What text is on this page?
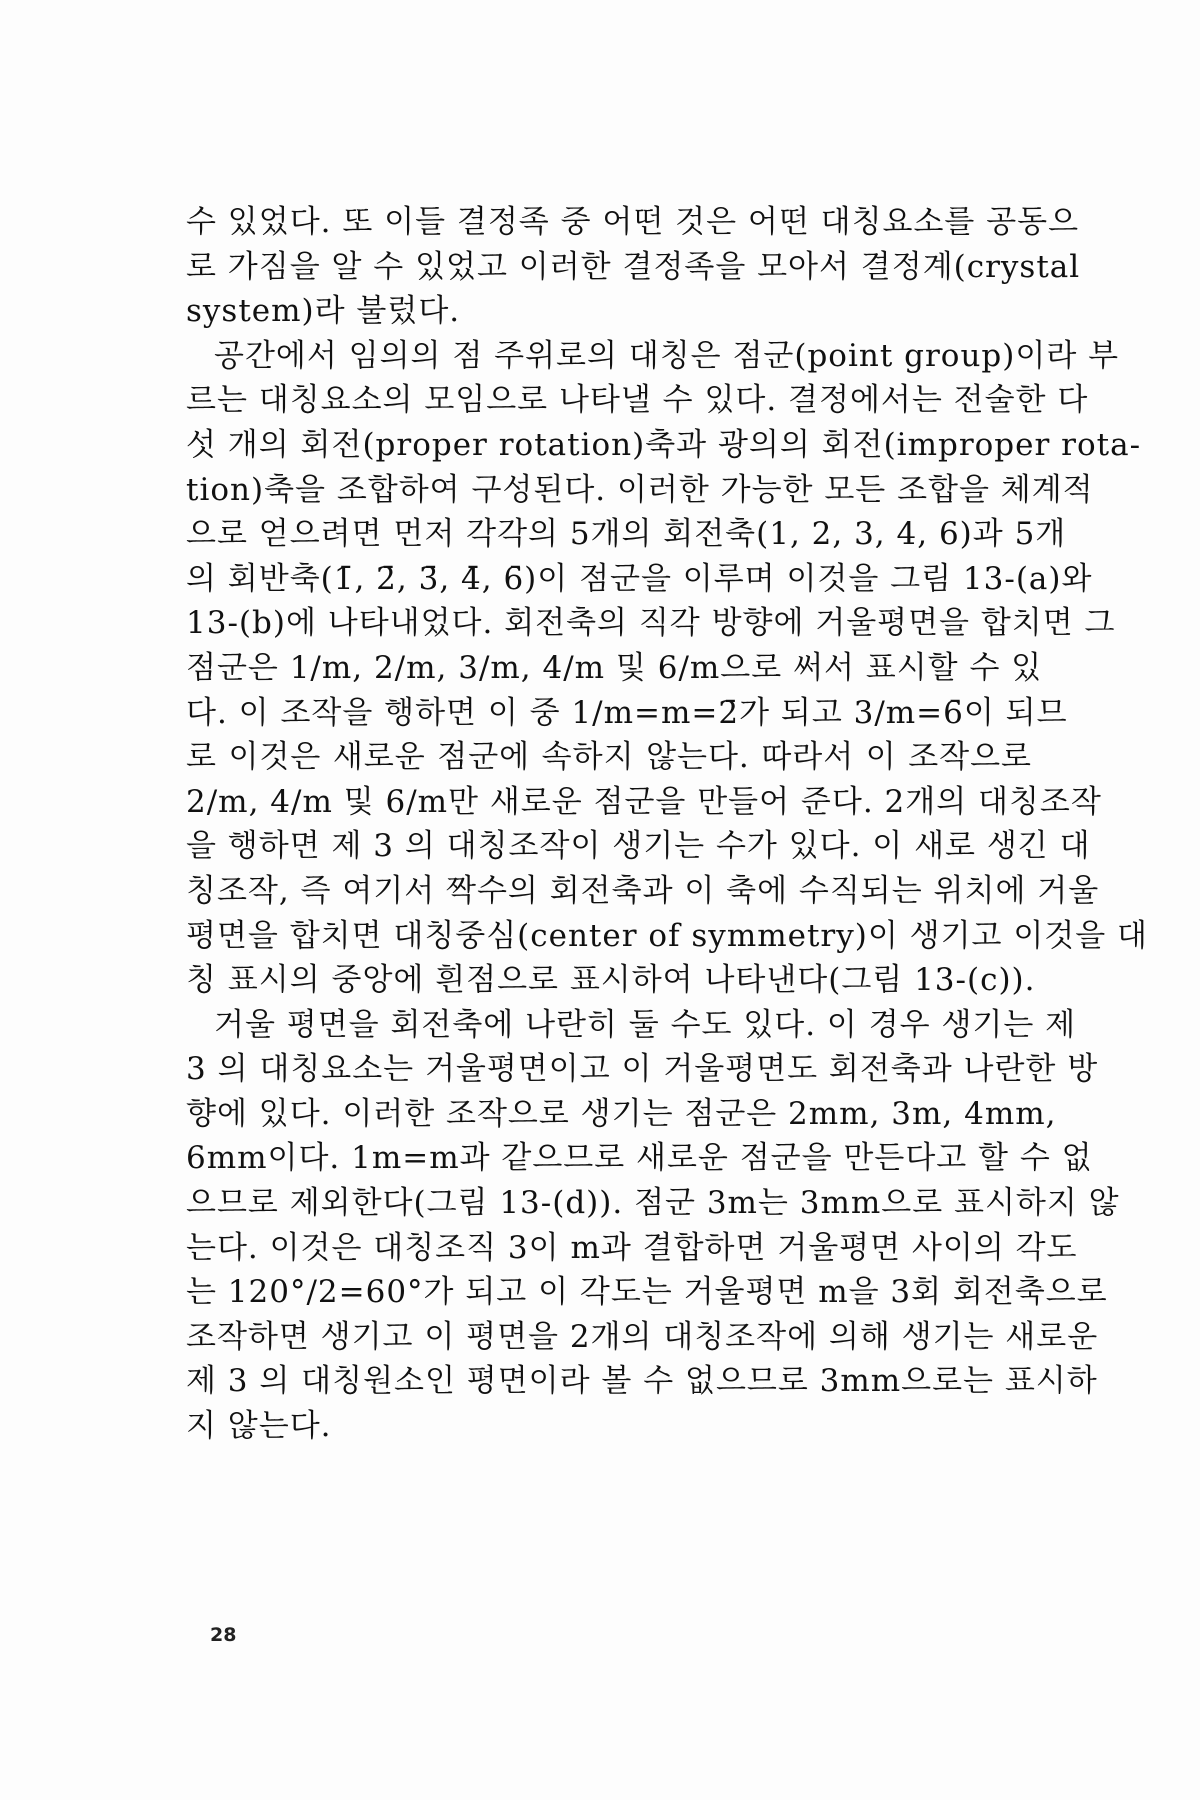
수 있었다. 또 이들 결정족 중 어떤 것은 어떤 대칭요소를 공동으
로 가짐을 알 수 있었고 이러한 결정족을 모아서 결정계(crystal
system)라 불렀다.
공간에서 임의의 점 주위로의 대칭은 점군(point group)이라 부
르는 대칭요소의 모임으로 나타낼 수 있다. 결정에서는 전술한 다
섯 개의 회전(proper rotation)축과 광의의 회전(improper rota-
tion)축을 조합하여 구성된다. 이러한 가능한 모든 조합을 체계적
으로 얻으려면 먼저 각각의 5개의 회전축(1, 2, 3, 4, 6)과 5개
의 회반축(1̄, 2̄, 3̄, 4̄, 6̄)이 점군을 이루며 이것을 그림 13-(a)와
13-(b)에 나타내었다. 회전축의 직각 방향에 거울평면을 합치면 그
점군은 1/m, 2/m, 3/m, 4/m 및 6/m으로 써서 표시할 수 있
다. 이 조작을 행하면 이 중 1/m=m=2̄가 되고 3/m=6̄이 되므
로 이것은 새로운 점군에 속하지 않는다. 따라서 이 조작으로
2/m, 4/m 및 6/m만 새로운 점군을 만들어 준다. 2개의 대칭조작
을 행하면 제 3 의 대칭조작이 생기는 수가 있다. 이 새로 생긴 대
칭조작, 즉 여기서 짝수의 회전축과 이 축에 수직되는 위치에 거울
평면을 합치면 대칭중심(center of symmetry)이 생기고 이것을 대
칭 표시의 중앙에 흰점으로 표시하여 나타낸다(그림 13-(c)).
거울 평면을 회전축에 나란히 둘 수도 있다. 이 경우 생기는 제
3 의 대칭요소는 거울평면이고 이 거울평면도 회전축과 나란한 방
향에 있다. 이러한 조작으로 생기는 점군은 2mm, 3m, 4mm,
6mm이다. 1m=m과 같으므로 새로운 점군을 만든다고 할 수 없
으므로 제외한다(그림 13-(d)). 점군 3m는 3mm으로 표시하지 않
는다. 이것은 대칭조직 3이 m과 결합하면 거울평면 사이의 각도
는 120°/2=60°가 되고 이 각도는 거울평면 m을 3회 회전축으로
조작하면 생기고 이 평면을 2개의 대칭조작에 의해 생기는 새로운
제 3 의 대칭원소인 평면이라 볼 수 없으므로 3mm으로는 표시하
지 않는다.
28
